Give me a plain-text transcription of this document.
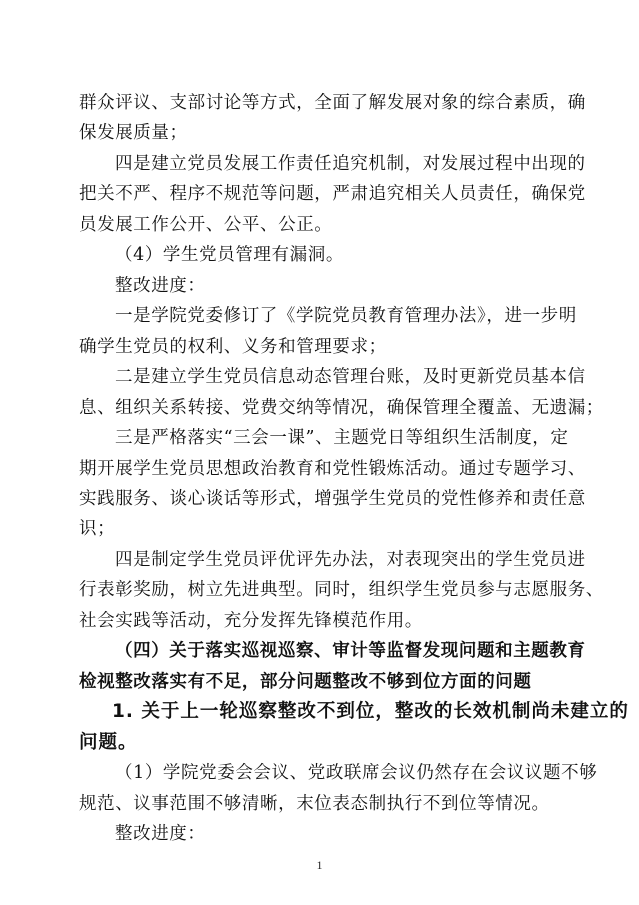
群众评议、支部讨论等方式，全面了解发展对象的综合素质，确
保发展质量；
四是建立党员发展工作责任追究机制，对发展过程中出现的
把关不严、程序不规范等问题，严肃追究相关人员责任，确保党
员发展工作公开、公平、公正。
（4）学生党员管理有漏洞。
整改进度：
一是学院党委修订了《学院党员教育管理办法》，进一步明
确学生党员的权利、义务和管理要求；
二是建立学生党员信息动态管理台账，及时更新党员基本信
息、组织关系转接、党费交纳等情况，确保管理全覆盖、无遗漏；
三是严格落实“三会一课”、主题党日等组织生活制度，定
期开展学生党员思想政治教育和党性锻炼活动。通过专题学习、
实践服务、谈心谈话等形式，增强学生党员的党性修养和责任意
识；
四是制定学生党员评优评先办法，对表现突出的学生党员进
行表彰奖励，树立先进典型。同时，组织学生党员参与志愿服务、
社会实践等活动，充分发挥先锋模范作用。
（四）关于落实巡视巡察、审计等监督发现问题和主题教育
检视整改落实有不足，部分问题整改不够到位方面的问题
1. 关于上一轮巡察整改不到位，整改的长效机制尚未建立的
问题。
（1）学院党委会会议、党政联席会议仍然存在会议议题不够
规范、议事范围不够清晰，末位表态制执行不到位等情况。
整改进度：
1
